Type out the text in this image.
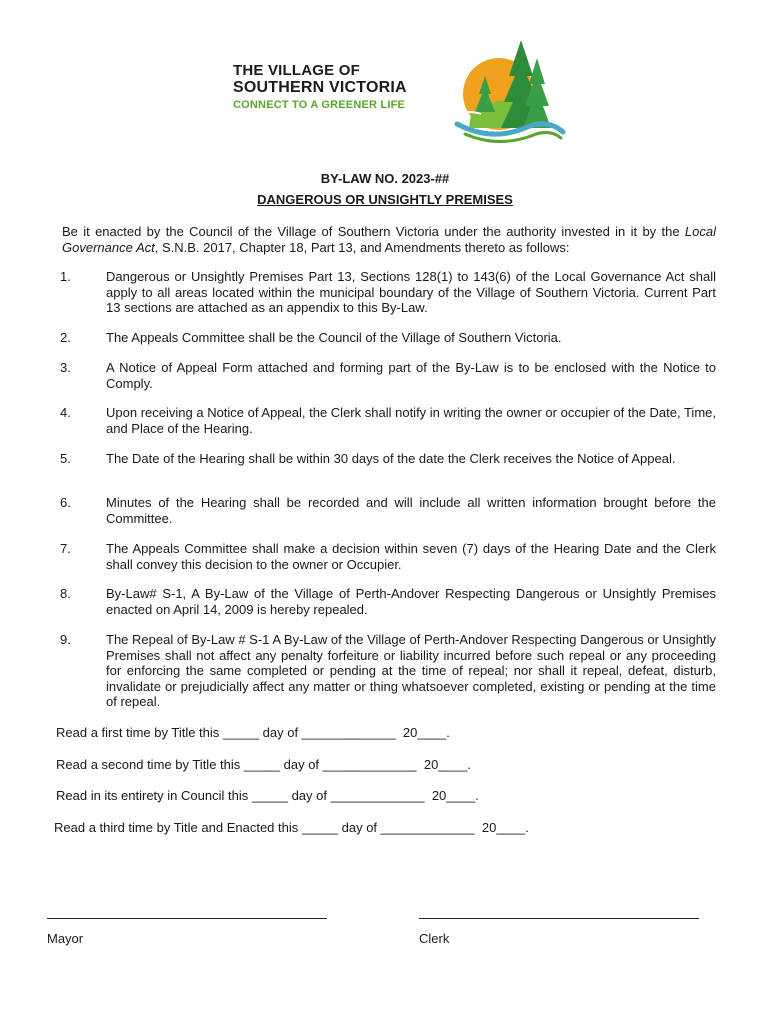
THE VILLAGE OF
SOUTHERN VICTORIA
CONNECT TO A GREENER LIFE
BY-LAW NO. 2023-##
DANGEROUS OR UNSIGHTLY PREMISES
Be it enacted by the Council of the Village of Southern Victoria under the authority invested in it by the Local Governance Act, S.N.B. 2017, Chapter 18, Part 13, and Amendments thereto as follows:
1.	Dangerous or Unsightly Premises Part 13, Sections 128(1) to 143(6) of the Local Governance Act shall apply to all areas located within the municipal boundary of the Village of Southern Victoria. Current Part 13 sections are attached as an appendix to this By-Law.
2.	The Appeals Committee shall be the Council of the Village of Southern Victoria.
3.	A Notice of Appeal Form attached and forming part of the By-Law is to be enclosed with the Notice to Comply.
4.	Upon receiving a Notice of Appeal, the Clerk shall notify in writing the owner or occupier of the Date, Time, and Place of the Hearing.
5.	The Date of the Hearing shall be within 30 days of the date the Clerk receives the Notice of Appeal.
6.	Minutes of the Hearing shall be recorded and will include all written information brought before the Committee.
7.	The Appeals Committee shall make a decision within seven (7) days of the Hearing Date and the Clerk shall convey this decision to the owner or Occupier.
8.	By-Law# S-1, A By-Law of the Village of Perth-Andover Respecting Dangerous or Unsightly Premises enacted on April 14, 2009 is hereby repealed.
9.	The Repeal of By-Law # S-1 A By-Law of the Village of Perth-Andover Respecting Dangerous or Unsightly Premises shall not affect any penalty forfeiture or liability incurred before such repeal or any proceeding for enforcing the same completed or pending at the time of repeal; nor shall it repeal, defeat, disturb, invalidate or prejudicially affect any matter or thing whatsoever completed, existing or pending at the time of repeal.
Read a first time by Title this _____ day of _____________  20____.
Read a second time by Title this _____ day of _____________  20____.
Read in its entirety in Council this _____ day of _____________  20____.
Read a third time by Title and Enacted this _____ day of _____________  20____.
Mayor	Clerk
